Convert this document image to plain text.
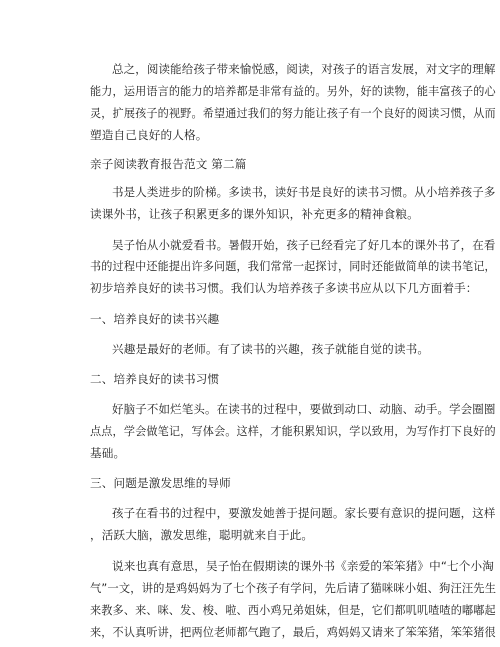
总之，阅读能给孩子带来愉悦感，阅读，对孩子的语言发展，对文字的理解
能力，运用语言的能力的培养都是非常有益的。另外，好的读物，能丰富孩子的心
灵，扩展孩子的视野。希望通过我们的努力能让孩子有一个良好的阅读习惯，从而
塑造自己良好的人格。
亲子阅读教育报告范文 第二篇
书是人类进步的阶梯。多读书，读好书是良好的读书习惯。从小培养孩子多
读课外书，让孩子积累更多的课外知识，补充更多的精神食粮。
吴子怡从小就爱看书。暑假开始，孩子已经看完了好几本的课外书了，在看
书的过程中还能提出许多问题，我们常常一起探讨，同时还能做简单的读书笔记，
初步培养良好的读书习惯。我们认为培养孩子多读书应从以下几方面着手：
一、培养良好的读书兴趣
兴趣是最好的老师。有了读书的兴趣，孩子就能自觉的读书。
二、培养良好的读书习惯
好脑子不如烂笔头。在读书的过程中，要做到动口、动脑、动手。学会圈圈
点点，学会做笔记，写体会。这样，才能积累知识，学以致用，为写作打下良好的
基础。
三、问题是激发思维的导师
孩子在看书的过程中，要激发她善于提问题。家长要有意识的提问题，这样
，活跃大脑，激发思维，聪明就来自于此。
说来也真有意思，吴子怡在假期读的课外书《亲爱的笨笨猪》中“七个小淘
气”一文，讲的是鸡妈妈为了七个孩子有学问，先后请了猫咪咪小姐、狗汪汪先生
来教多、来、咪、发、梭、啦、西小鸡兄弟姐妹，但是，它们都叽叽喳喳的嘟嘟起
来，不认真听讲，把两位老师都气跑了，最后，鸡妈妈又请来了笨笨猪，笨笨猪很
